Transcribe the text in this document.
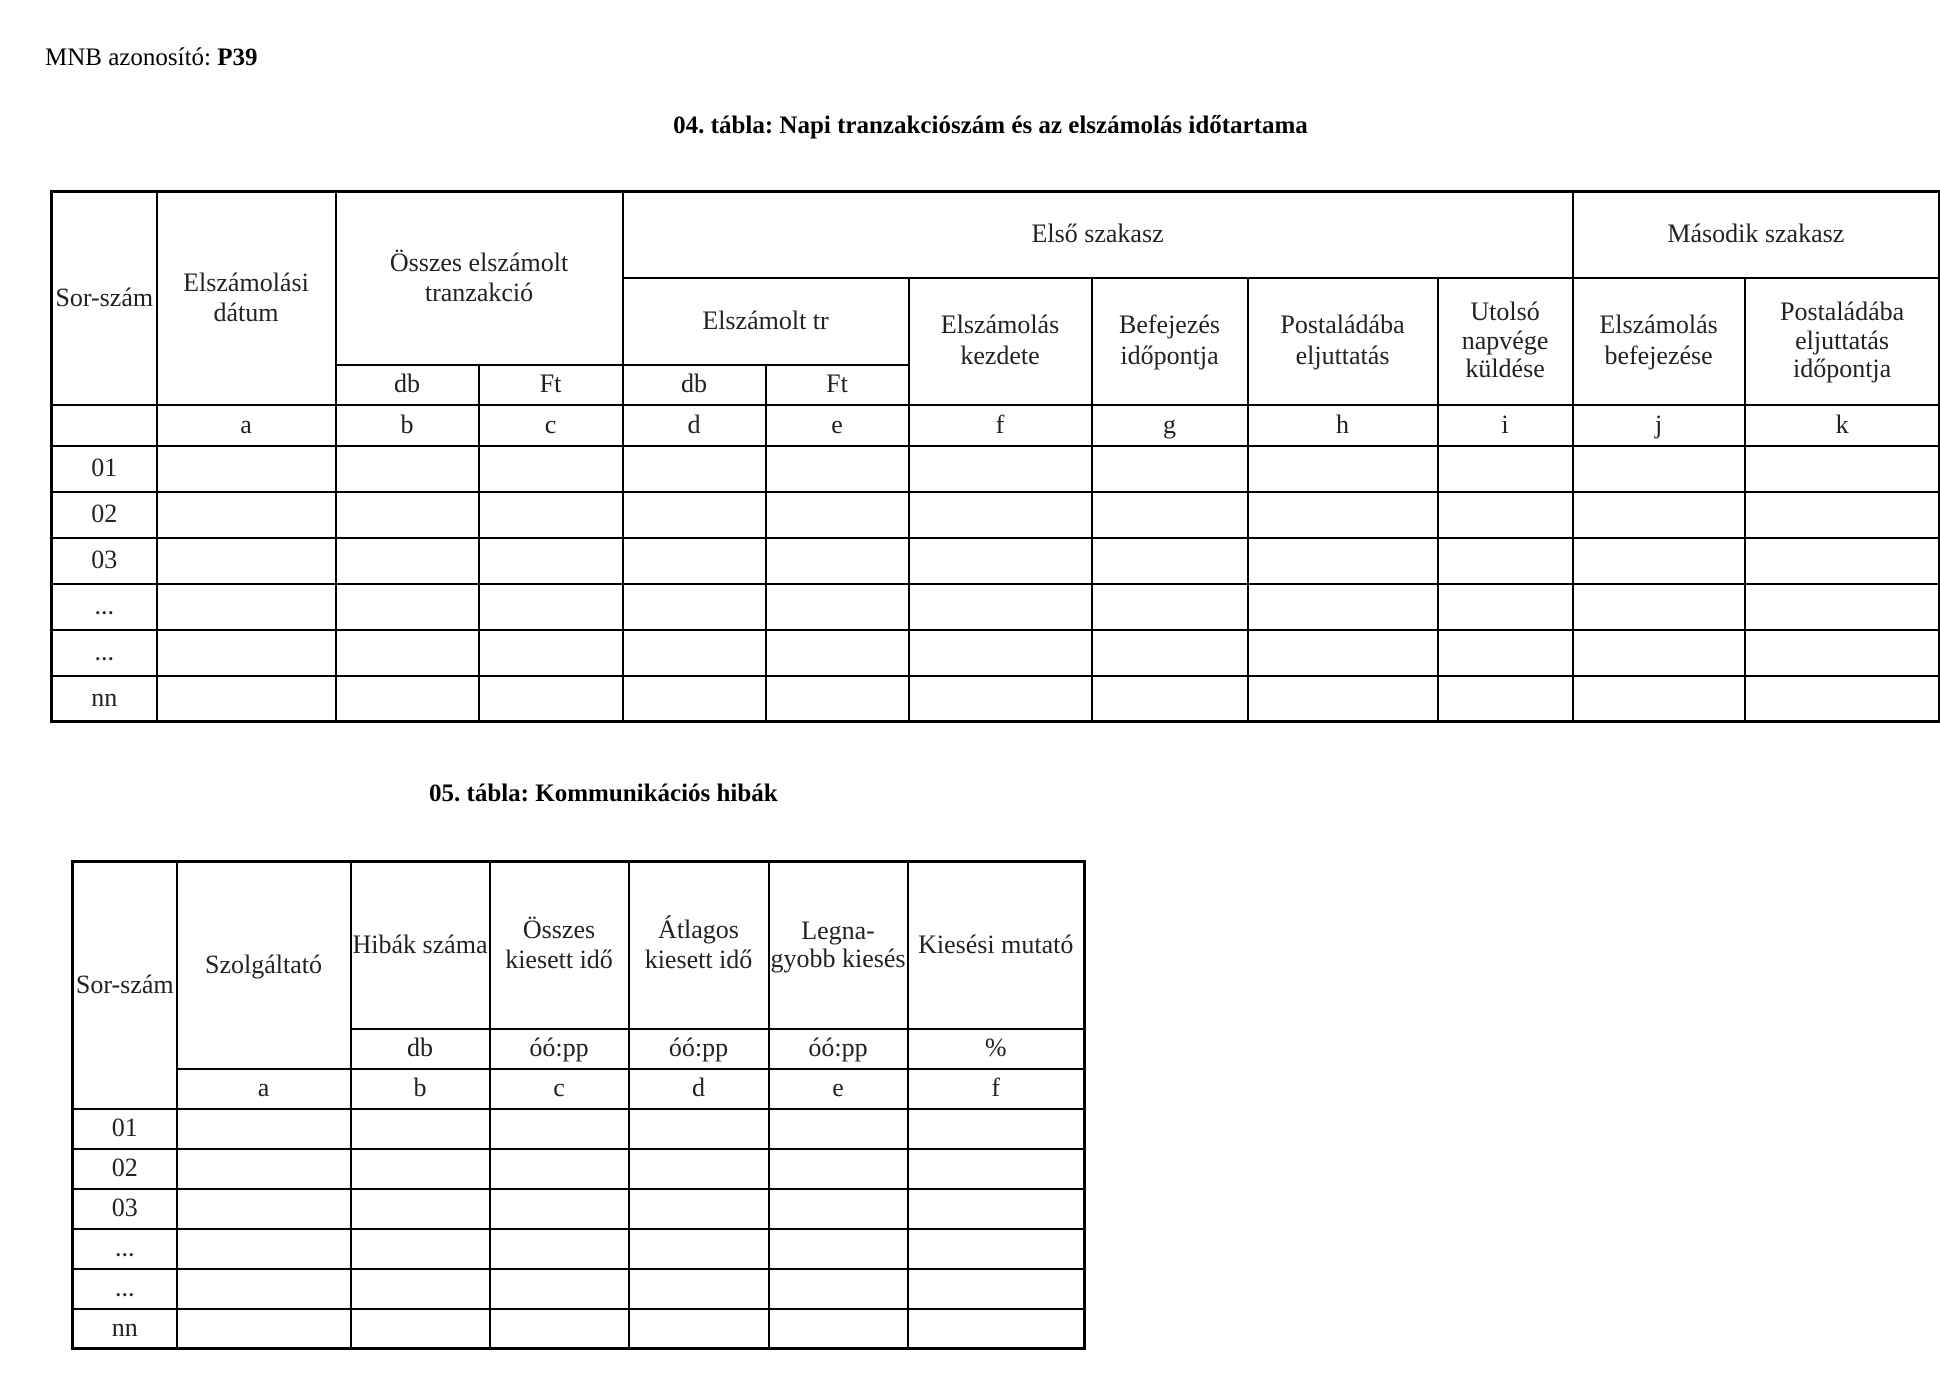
MNB azonosító: P39
04. tábla: Napi tranzakciószám és az elszámolás időtartama
Sor-szám	Elszámolási dátum	Összes elszámolt tranzakció		Első szakasz						Második szakasz	
				Elszámolt tr		Elszámolás kezdete	Befejezés időpontja	Postaládába eljuttatás	Utolsó napvége küldése	Elszámolás befejezése	Postaládába eljuttatás időpontja
		db	Ft	db	Ft						
	a	b	c	d	e	f	g	h	i	j	k
01											
02											
03											
...											
...											
nn											
05. tábla: Kommunikációs hibák
Sor-szám	Szolgáltató	Hibák száma	Összes kiesett idő	Átlagos kiesett idő	Legna-gyobb kiesés	Kiesési mutató
		db	óó:pp	óó:pp	óó:pp	%
	a	b	c	d	e	f
01						
02						
03						
...						
...						
nn						
